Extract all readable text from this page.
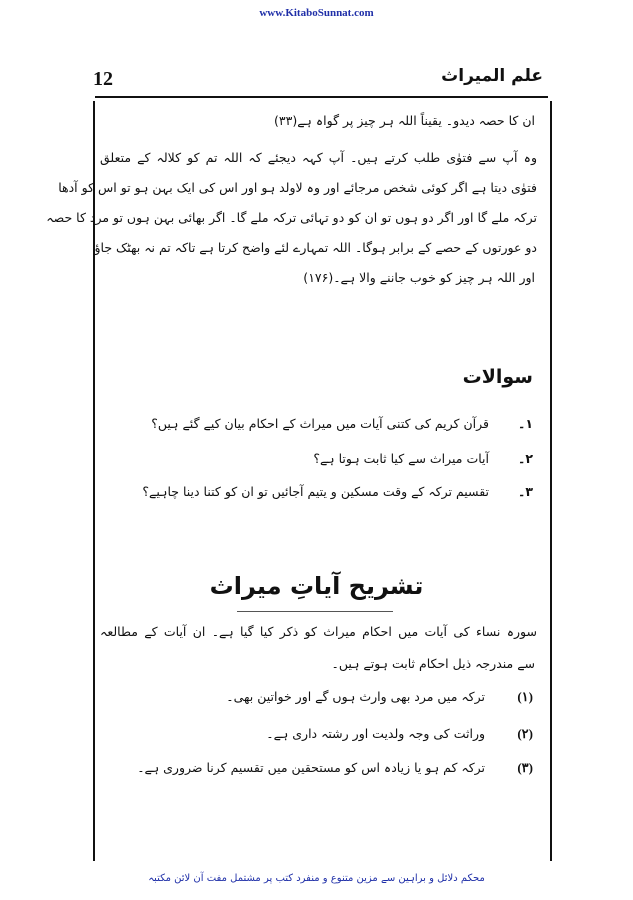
www.KitaboSunnat.com
12	علم المیراث
ان کا حصہ دیدو۔ یقیناً اللہ ہر چیز پر گواہ ہے(۳۳)
وہ آپ سے فتوٰی طلب کرتے ہیں۔ آپ کہہ دیجئے کہ اللہ تم کو کلالہ کے متعلق
فتوٰی دیتا ہے اگر کوئی شخص مرجائے اور وہ لاولد ہو اور اس کی ایک بہن ہو تو اس کو آدھا
ترکہ ملے گا اور اگر دو ہوں تو ان کو دو تہائی ترکہ ملے گا۔ اگر بھائی بہن ہوں تو مرد کا حصہ
دو عورتوں کے حصے کے برابر ہوگا۔ اللہ تمہارے لئے واضح کرتا ہے تاکہ تم نہ بھٹک جاؤ
اور اللہ ہر چیز کو خوب جاننے والا ہے۔(۱۷۶)
سوالات
۱۔ قرآن کریم کی کتنی آیات میں میراث کے احکام بیان کیے گئے ہیں؟
۲۔ آیات میراث سے کیا ثابت ہوتا ہے؟
۳۔ تقسیم ترکہ کے وقت مسکین و یتیم آجائیں تو ان کو کتنا دینا چاہیے؟
تشریح آیاتِ میراث
سورہ نساء کی آیات میں احکام میراث کو ذکر کیا گیا ہے۔ ان آیات کے مطالعہ
سے مندرجہ ذیل احکام ثابت ہوتے ہیں۔
(۱) ترکہ میں مرد بھی وارث ہوں گے اور خواتین بھی۔
(۲) وراثت کی وجہ ولدیت اور رشتہ داری ہے۔
(۳) ترکہ کم ہو یا زیادہ اس کو مستحقین میں تقسیم کرنا ضروری ہے۔
محکم دلائل و براہین سے مزین متنوع و منفرد کتب پر مشتمل مفت آن لائن مکتبہ
